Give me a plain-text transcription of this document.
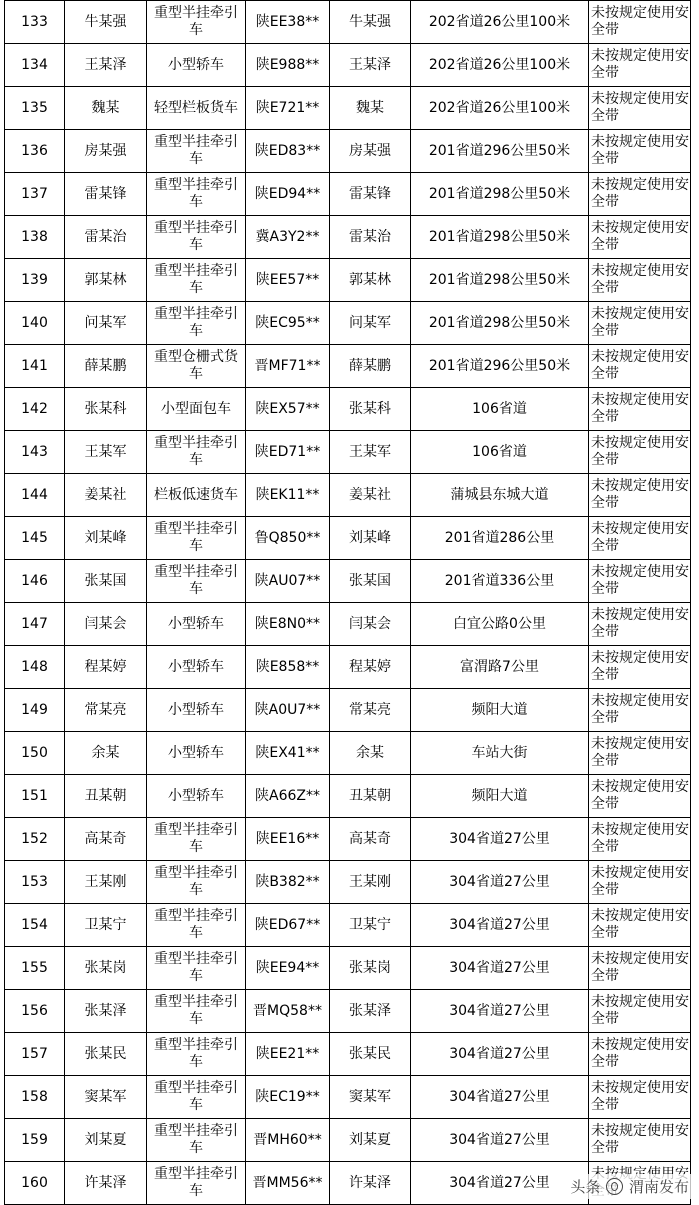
133	牛某强	重型半挂牵引车	陕EE38**	牛某强	202省道26公里100米	未按规定使用安全带
134	王某泽	小型轿车	陕E988**	王某泽	202省道26公里100米	未按规定使用安全带
135	魏某	轻型栏板货车	陕E721**	魏某	202省道26公里100米	未按规定使用安全带
136	房某强	重型半挂牵引车	陕ED83**	房某强	201省道296公里50米	未按规定使用安全带
137	雷某锋	重型半挂牵引车	陕ED94**	雷某锋	201省道298公里50米	未按规定使用安全带
138	雷某治	重型半挂牵引车	冀A3Y2**	雷某治	201省道298公里50米	未按规定使用安全带
139	郭某林	重型半挂牵引车	陕EE57**	郭某林	201省道298公里50米	未按规定使用安全带
140	问某军	重型半挂牵引车	陕EC95**	问某军	201省道298公里50米	未按规定使用安全带
141	薛某鹏	重型仓栅式货车	晋MF71**	薛某鹏	201省道296公里50米	未按规定使用安全带
142	张某科	小型面包车	陕EX57**	张某科	106省道	未按规定使用安全带
143	王某军	重型半挂牵引车	陕ED71**	王某军	106省道	未按规定使用安全带
144	姜某社	栏板低速货车	陕EK11**	姜某社	蒲城县东城大道	未按规定使用安全带
145	刘某峰	重型半挂牵引车	鲁Q850**	刘某峰	201省道286公里	未按规定使用安全带
146	张某国	重型半挂牵引车	陕AU07**	张某国	201省道336公里	未按规定使用安全带
147	闫某会	小型轿车	陕E8N0**	闫某会	白宜公路0公里	未按规定使用安全带
148	程某婷	小型轿车	陕E858**	程某婷	富渭路7公里	未按规定使用安全带
149	常某亮	小型轿车	陕A0U7**	常某亮	频阳大道	未按规定使用安全带
150	余某	小型轿车	陕EX41**	余某	车站大街	未按规定使用安全带
151	丑某朝	小型轿车	陕A66Z**	丑某朝	频阳大道	未按规定使用安全带
152	高某奇	重型半挂牵引车	陕EE16**	高某奇	304省道27公里	未按规定使用安全带
153	王某刚	重型半挂牵引车	陕B382**	王某刚	304省道27公里	未按规定使用安全带
154	卫某宁	重型半挂牵引车	陕ED67**	卫某宁	304省道27公里	未按规定使用安全带
155	张某岗	重型半挂牵引车	陕EE94**	张某岗	304省道27公里	未按规定使用安全带
156	张某泽	重型半挂牵引车	晋MQ58**	张某泽	304省道27公里	未按规定使用安全带
157	张某民	重型半挂牵引车	陕EE21**	张某民	304省道27公里	未按规定使用安全带
158	窦某军	重型半挂牵引车	陕EC19**	窦某军	304省道27公里	未按规定使用安全带
159	刘某夏	重型半挂牵引车	晋MH60**	刘某夏	304省道27公里	未按规定使用安全带
160	许某泽	重型半挂牵引车	晋MM56**	许某泽	304省道27公里	头条 渭南发布
